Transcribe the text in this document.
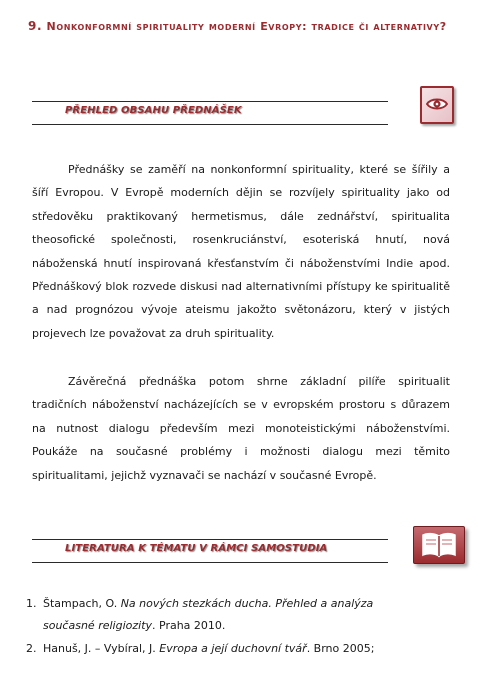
9. Nonkonformní spirituality moderní Evropy: tradice či alternativy?
PŘEHLED OBSAHU PŘEDNÁŠEK

Přednášky se zaměří na nonkonformní spirituality, které se šířily a šíří Evropou. V Evropě moderních dějin se rozvíjely spirituality jako od středověku praktikovaný hermetismus, dále zednářství, spiritualita theosofické společnosti, rosenkruciánství, esoteriská hnutí, nová náboženská hnutí inspirovaná křesťanstvím či náboženstvími Indie apod. Přednáškový blok rozvede diskusi nad alternativními přístupy ke spiritualitě a nad prognózou vývoje ateismu jakožto světonázoru, který v jistých projevech lze považovat za druh spirituality.

Závěrečná přednáška potom shrne základní pilíře spiritualit tradičních náboženství nacházejících se v evropském prostoru s důrazem na nutnost dialogu především mezi monoteistickými náboženstvími. Poukáže na současné problémy i možnosti dialogu mezi těmito spiritualitami, jejichž vyznavači se nachází v současné Evropě.

LITERATURA K TÉMATU V RÁMCI SAMOSTUDIA
1. Štampach, O. Na nových stezkách ducha. Přehled a analýza
současné religiozity. Praha 2010.
2. Hanuš, J. – Vybíral, J. Evropa a její duchovní tvář. Brno 2005;
